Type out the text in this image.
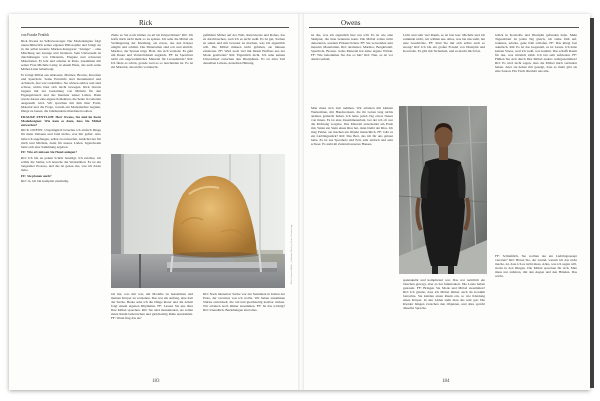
Rick

von Frauke Fentloh

Rick Owens ist Selbstversorger. Der Modedesigner folgt unerschütterlich seiner eigenen Philosophie und bringt sie in die selbst kreierte Marken-Kategorie: "Glunge" – eine Mischung aus Grunge und Glamour. Sein Universum ist durchdrungen von Düsternis, Eleganz und schweren Materialien. Er lebt und arbeitet in Paris, zusammen mit seiner Frau Michèle Lamy, in einem Haus, das auch seine Möbel-Linie beherbergt.

Er fertigt Möbel aus Alabaster, Marmor, Bronze, Knochen und Sperrholz. Seine Entwürfe sind monumental und archaisch, fast wie Grabmäler. Sie wirken zeitlos und sind schwer, nichts lässt sich leicht bewegen. Rick Owens begann mit der Gestaltung von Möbeln für den Eigengebrauch und das Interieur seiner Läden. Dann wurde daraus eine eigene Kollektion, die heute in Galerien ausgestellt wird. Wir sprachen mit ihm über Form, Material und die Frage, warum ein Modemacher beginnt, Dinge zu bauen, die Jahrhunderte überdauern sollen.

FRAUKE FENTLOH: Herr Owens, Sie sind im Kern Modedesigner. Wie kam es dazu, dass Sie Möbel entwerfen?

RICK OWENS: Ursprünglich brauchte ich einfach Dinge für mein Zuhause und fand nichts, was mir gefiel. Also habe ich angefangen, selbst zu entwerfen, zunächst nur für mich und Michèle, dann für unsere Läden. Irgendwann hatte sich eine Sammlung ergeben.

FF: Wie oft müssen Sie Hand anlegen?

RO: Ich bin an jedem Schritt beteiligt. Ich zeichne, ich wähle die Steine, ich besuche die Werkstätten. Es ist ein langsamer Prozess, und das ist genau das, was ich daran liebe.

FF: Sie planen auch?

RO: Ja, ich bin komplett zuständig.

Ziehe es Sie noch immer zu ell im Körperlichen? RO: Ich hoffe mich nicht mehr so zu spüren. Ich sehe die Möbel als Verlängerung der Kleidung, als etwas, das den Körper umgibt und schützt. Die Materialien sind roh und ehrlich, Marmor, der Spuren trägt, Holz, das sich verzieht. Es geht um Dauer und Verletzlichkeit zugleich. FF: Ist Sperrholz nicht ein ungewöhnliches Material für Luxusmöbel? RO: Ich finde es schön, gerade weil es so bescheiden ist. Es ist ein Material, das nichts vortäuscht.

gefühlten Möbel auf der Welt, Renoviertes und Rohes, das zu durchbrechen, weil ich es nicht weiß. Es ist gut, Sachen zu sehen und mir bewusst zu machen, was ich eigentlich will. Die Möbel müssen nicht gefallen, sie müssen existieren. FF: Wird noch viel mit Ihrem Einfluss aus der Mode gearbeitet? RO: Eigentlich nicht. Ich sehe keinen Unterschied zwischen den Disziplinen. Es ist alles Teil desselben Lebens, derselben Haltung.

ich hat, was mir war, um Modelle zu bekommen und meinen Körper zu verstehen. Das war ein Anfang, eine Zeit der Suche. Heute sehe ich die Dinge klarer und die Arbeit folgt einem eigenen Rhythmus. FF: Lassen Sie uns über Ihre Möbel sprechen. RO: Sie sind monumental, sie sollen einen Raum beherrschen und gleichzeitig Ruhe ausstrahlen. FF: Wann fing das an?

RO: Nach intensiver Suche war ein Steinmetz in Italien der Erste, der verstand, was ich wollte. Wir haben zusammen Stücke entwickelt, die roh und gleichzeitig kostbar wirken. Wir arbeiten noch immer zusammen. FF: Ist das wichtig? RO: Unendlich, Beziehungen sind alles.

Rick Owens Möbel, Alabaster Hocker, Foto: Owenscorp
183
Owens

ist das, was ich eigentlich hier tun will. Es ist wie eine Skulptur, die man benutzen kann. Die Möbel sollen nicht dekorieren, sondern Präsenz haben. FF: Sie verwenden sehr massive Materialien. RO: Alabaster, Marmor, Bergkristall, Sperrholz, Bronze. Jedes Material hat seine eigene Würde. FF: Wie bekommen Sie das so hin? RO: Nun, es ist vor allem Geduld.

Licht und sehr viel Raum, es ist fast leer. Michèle und ich sammeln nicht, wir wählen aus. Alles, was bei uns steht, hat eine Geschichte. FF: Sind Sie mit sich selbst auch so streng? RO: Ich bin ein großer Freund von Disziplin und Kontrolle. Es gibt mir Sicherheit, und es macht mich frei.

Man muss sich Zeit nehmen. Wir arbeiten mit kleinen Werkstätten, mit Handwerkern, die ihr Leben lang nichts anderes gemacht haben. Ich lerne jeden Tag etwas Neues von ihnen. Es ist eine Zusammenarbeit, bei der ich oft nur die Richtung vorgebe. Das Material entscheidet am Ende mit. Wenn ein Stein einen Riss hat, dann bleibt der Riss. Ich mag Fehler, sie machen ein Objekt menschlich. FF: Gibt es ein Lieblingsstück? RO: Das Bett, das ich für uns gebaut habe. Es ist aus Sperrholz und Fell, sehr einfach und sehr schwer. Es steht im Zentrum unseres Hauses.

spektakulär und kompliziert war. Das war natürlich ein bisschen gewagt, aber es hat funktioniert. Die Leute haben gestaunt. FF: Bringen Sie Mode und Möbel zusammen? RO: Ich glaube, dass ich Möbel immer auch als Kostüm betrachte. Sie kleiden einen Raum ein, so wie Kleidung einen Körper. In den Läden sieht man das sehr gut: Die Kleider hängen zwischen den Objekten, und alles spricht dieselbe Sprache.

Glück in Kontrolle und Disziplin gefunden habe. Mein Tagesablauf ist jeden Tag gleich, ich stehe früh auf, trainiere, arbeite, gehe früh schlafen. FF: Das klingt fast asketisch. RO: Es ist das Gegenteil, es ist Luxus. Ich habe keinen Stress, weil ich weiß, was kommt. Das schafft Raum für das, was wirklich zählt. Ich bin sehr zufrieden. FF: Fühlen Sie sich durch Ihre Möbel anders wahrgenommen? RO: Es wird nicht sagen, dass die Möbel mich verändert haben. Aber sie haben mir gezeigt, dass es mehr gibt als eine Saison. Ein Tisch überlebt uns alle.

FF: Schließlich, Sie wollten nie ein Lieblingsrezept verraten? RO: Hören Sie, der Grund, warum ich das nicht mache, ist, dass ich es nicht muss. Alles, was ich sagen will, steckt in den Dingen. Die Möbel sprechen für sich. Man muss nur zuhören, mit den Augen und den Händen. Das reicht.

184
